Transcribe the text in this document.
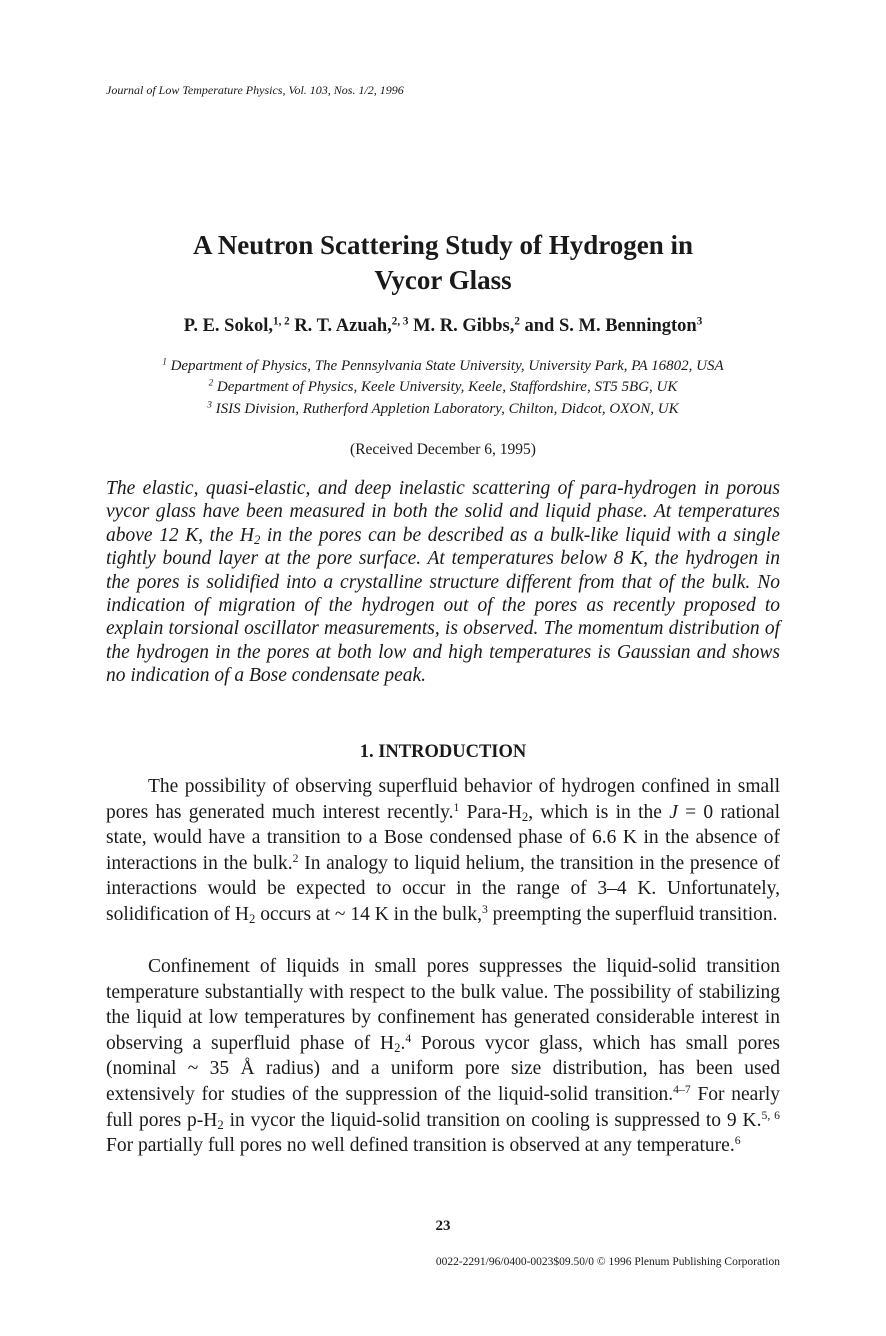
Journal of Low Temperature Physics, Vol. 103, Nos. 1/2, 1996
A Neutron Scattering Study of Hydrogen in
Vycor Glass
P. E. Sokol,$^{1, 2}$ R. T. Azuah,$^{2, 3}$ M. R. Gibbs,$^2$ and S. M. Bennington$^3$
$^1$ Department of Physics, The Pennsylvania State University, University Park, PA 16802, USA
$^2$ Department of Physics, Keele University, Keele, Staffordshire, ST5 5BG, UK
$^3$ ISIS Division, Rutherford Appletion Laboratory, Chilton, Didcot, OXON, UK
(Received December 6, 1995)
The elastic, quasi-elastic, and deep inelastic scattering of para-hydrogen in porous vycor glass have been measured in both the solid and liquid phase. At temperatures above 12 K, the $H_2$ in the pores can be described as a bulk-like liquid with a single tightly bound layer at the pore surface. At temperatures below 8 K, the hydrogen in the pores is solidified into a crystalline structure different from that of the bulk. No indication of migration of the hydrogen out of the pores as recently proposed to explain torsional oscillator measurements, is observed. The momentum distribution of the hydrogen in the pores at both low and high temperatures is Gaussian and shows no indication of a Bose condensate peak.
1. INTRODUCTION
The possibility of observing superfluid behavior of hydrogen confined in small pores has generated much interest recently.$^1$ Para-$H_2$, which is in the J = 0 rational state, would have a transition to a Bose condensed phase of 6.6 K in the absence of interactions in the bulk.$^2$ In analogy to liquid helium, the transition in the presence of interactions would be expected to occur in the range of 3–4 K. Unfortunately, solidification of $H_2$ occurs at ~ 14 K in the bulk,$^3$ preempting the superfluid transition.
Confinement of liquids in small pores suppresses the liquid-solid transition temperature substantially with respect to the bulk value. The possibility of stabilizing the liquid at low temperatures by confinement has generated considerable interest in observing a superfluid phase of $H_2.^4$ Porous vycor glass, which has small pores (nominal ~ 35 Å radius) and a uniform pore size distribution, has been used extensively for studies of the suppression of the liquid-solid transition.$^{4-7}$ For nearly full pores $p-H_2$ in vycor the liquid-solid transition on cooling is suppressed to 9 K.$^{5, 6}$ For partially full pores no well defined transition is observed at any temperature.$^6$
23
0022-2291/96/0400-0023$09.50/0 © 1996 Plenum Publishing Corporation
